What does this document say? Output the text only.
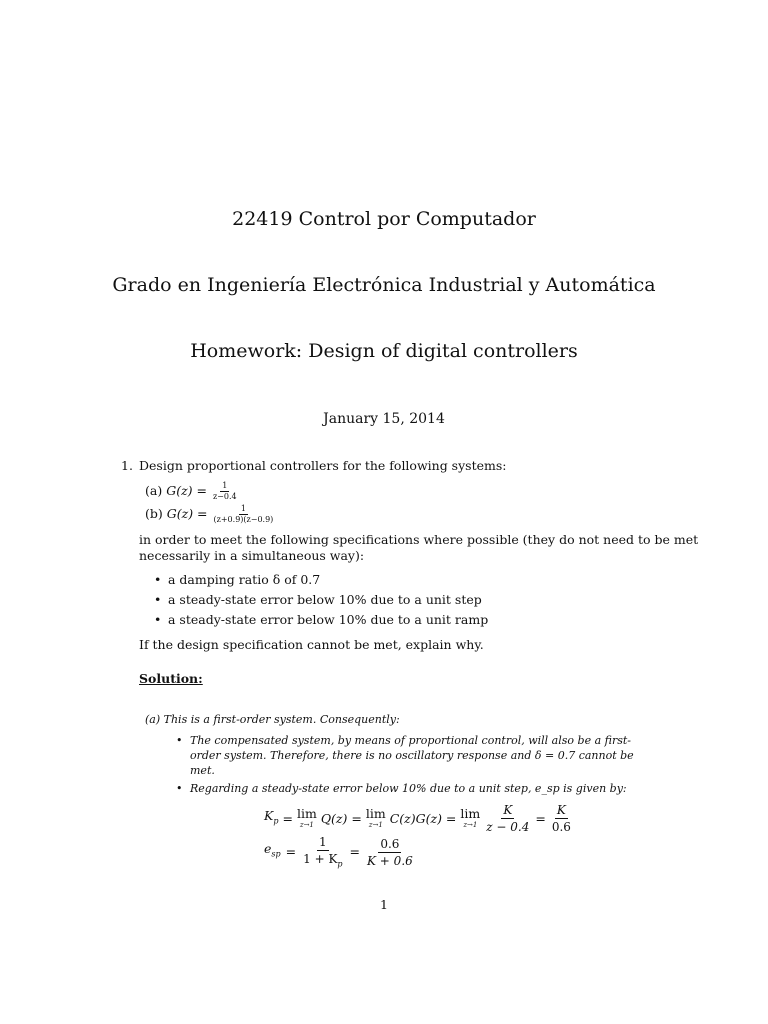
22419 Control por Computador
Grado en Ingeniería Electrónica Industrial y Automática
Homework: Design of digital controllers
January 15, 2014
1. Design proportional controllers for the following systems:
(a) $G(z) = \frac{1}{z-0.4}$
(b) $G(z) = \frac{1}{(z+0.9)(z-0.9)}$
in order to meet the following specifications where possible (they do not need to be met
necessarily in a simultaneous way):
• a damping ratio δ of 0.7
• a steady-state error below 10% due to a unit step
• a steady-state error below 10% due to a unit ramp
If the design specification cannot be met, explain why.
Solution:
(a) This is a first-order system. Consequently:
• The compensated system, by means of proportional control, will also be a first-
order system. Therefore, there is no oscillatory response and δ = 0.7 cannot be
met.
• Regarding a steady-state error below 10% due to a unit step, e_sp is given by:
$K_p = \lim$
z→1 Q(z) = lim
z→1 C(z)G(z) = lim
$z\to 1 \frac{K}{z - 0.4} = \frac{K}{0.6}$
$e_{sp} = \frac{1}{1 + K_p} = \frac{0.6}{K + 0.6}$
1
